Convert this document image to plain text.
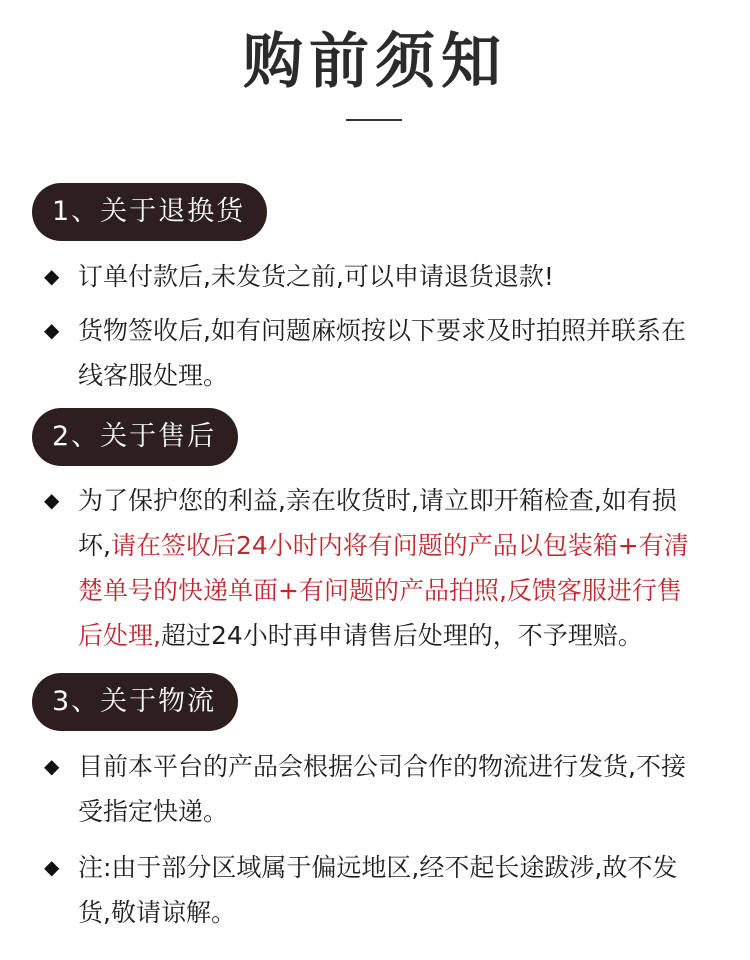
购前须知
1、关于退换货
◆ 订单付款后,未发货之前,可以申请退货退款!
◆ 货物签收后,如有问题麻烦按以下要求及时拍照并联系在线客服处理。
2、关于售后
◆ 为了保护您的利益,亲在收货时,请立即开箱检查,如有损坏,请在签收后24小时内将有问题的产品以包装箱+有清楚单号的快递单面+有问题的产品拍照,反馈客服进行售后处理,超过24小时再申请售后处理的，不予理赔。
3、关于物流
◆ 目前本平台的产品会根据公司合作的物流进行发货,不接受指定快递。
◆ 注:由于部分区域属于偏远地区,经不起长途跋涉,故不发货,敬请谅解。
